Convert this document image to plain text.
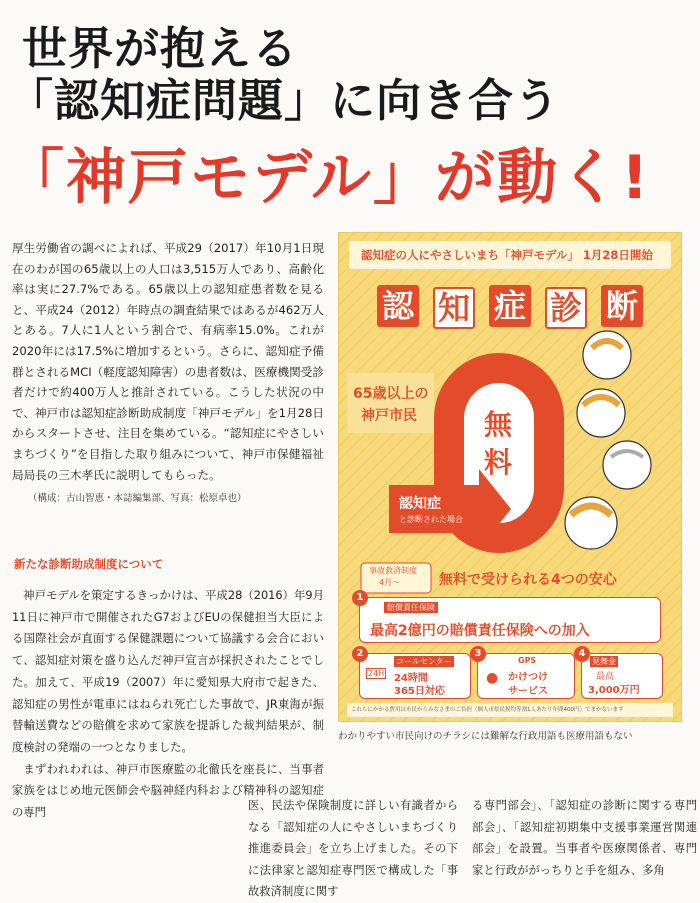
世界が抱える
「認知症問題」に向き合う
「神戸モデル」が動く!
厚生労働省の調べによれば、平成29（2017）年10月1日現在のわが国の65歳以上の人口は3,515万人であり、高齢化率は実に27.7%である。65歳以上の認知症患者数を見ると、平成24（2012）年時点の調査結果ではあるが462万人とある。7人に1人という割合で、有病率15.0%。これが2020年には17.5%に増加するという。さらに、認知症予備群とされるMCI（軽度認知障害）の患者数は、医療機関受診者だけで約400万人と推計されている。こうした状況の中で、神戸市は認知症診断助成制度「神戸モデル」を1月28日からスタートさせ、注目を集めている。“認知症にやさしいまちづくり”を目指した取り組みについて、神戸市保健福祉局局長の三木孝氏に説明してもらった。
（構成：古山智恵・本誌編集部、写真：松原卓也）
新たな診断助成制度について

神戸モデルを策定するきっかけは、平成28（2016）年9月11日に神戸市で開催されたG7およびEUの保健担当大臣による国際社会が直面する保健課題について協議する会合において、認知症対策を盛り込んだ神戸宣言が採択されたことでした。加えて、平成19（2007）年に愛知県大府市で起きた、認知症の男性が電車にはねられ死亡した事故で、JR東海が振替輸送費などの賠償を求めて家族を提訴した裁判結果が、制度検討の発端の一つとなりました。

まずわれわれは、神戸市医療監の北徹氏を座長に、当事者家族をはじめ地元医師会や脳神経内科および精神科の認知症の専門

医、民法や保険制度に詳しい有識者からなる「認知症の人にやさしいまちづくり推進委員会」を立ち上げました。その下に法律家と認知症専門医で構成した「事故救済制度に関す
る専門部会」、「認知症の診断に関する専門部会」、「認知症初期集中支援事業運営関連部会」を設置。当事者や医療関係者、専門家と行政ががっちりと手を組み、多角
認知症の人にやさしいまち「神戸モデル」 1月28日開始
認 知 症 診 断
65歳以上の
神戸市民 無
料
認知症
と診断された場合
事故救済制度
4月〜	無料で受けられる4つの安心
1
賠償責任保険
最高2億円の賠償責任保険への加入
2
24H
コールセンター
24時間
365日対応
3
GPS
● かけつけ
サービス
4
見舞金
最高
3,000万円
これらにかかる費用は市民からみなさまのご負担（個人市県民税均等割1人あたり年間400円）でまかないます
わかりやすい市民向けのチラシには難解な行政用語も医療用語もない
